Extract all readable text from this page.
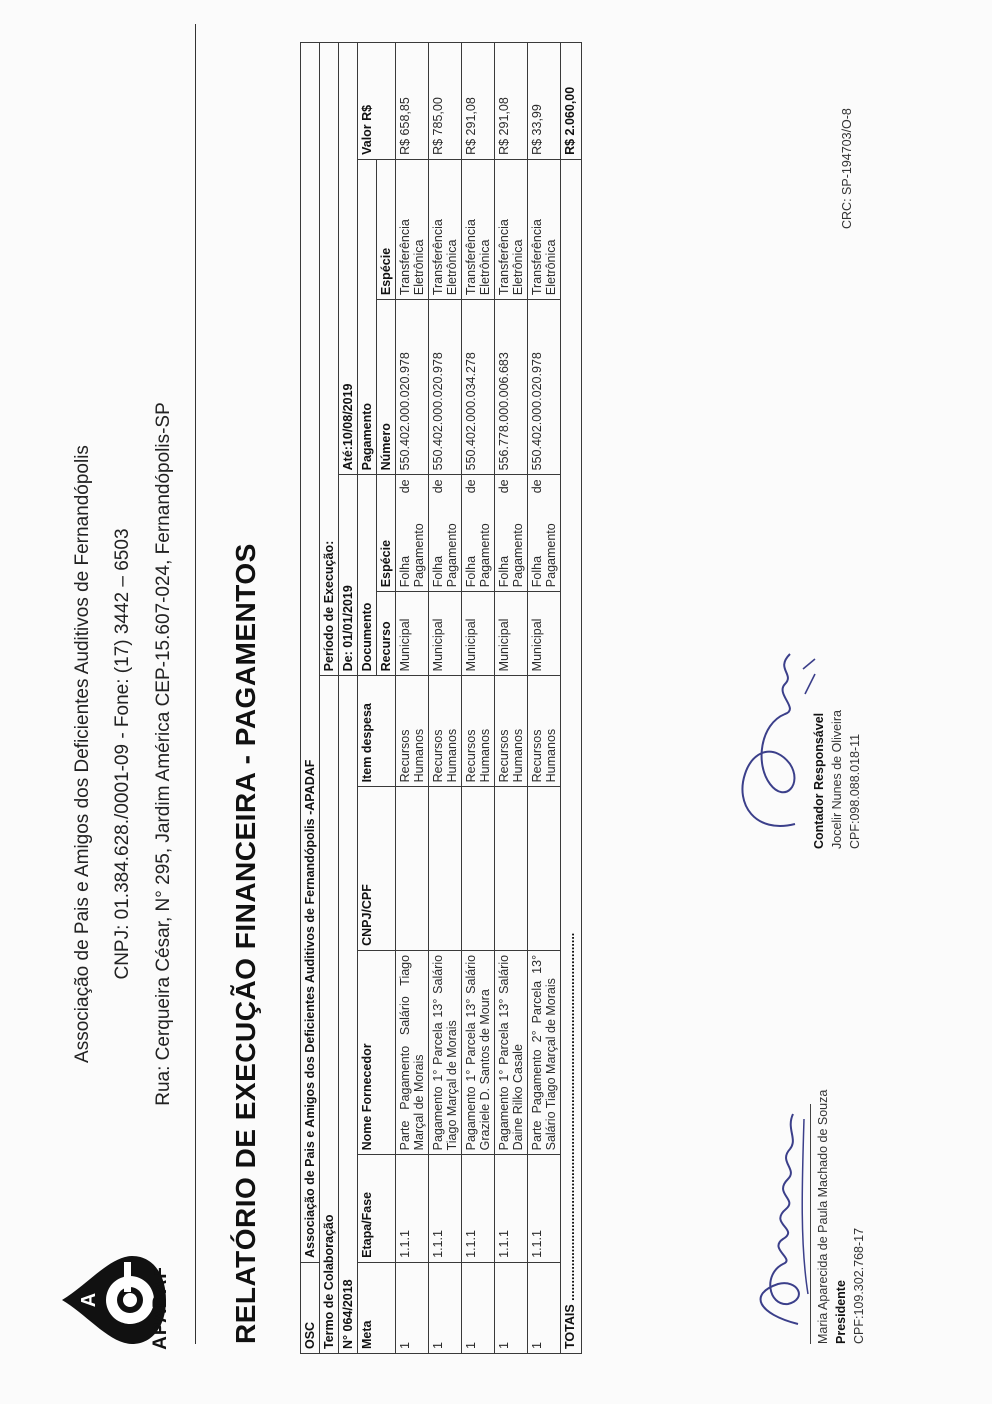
A	APADAF
Associação de Pais e Amigos dos Deficientes Auditivos de Fernandópolis CNPJ: 01.384.628./0001-09 - Fone: (17) 3442 – 6503 Rua: Cerqueira César, N° 295, Jardim América CEP-15.607-024, Fernandópolis-SP RELATÓRIO DE EXECUÇÃO FINANCEIRA - PAGAMENTOS	OSC	Associação de Pais e Amigos dos Deficientes Auditivos de Fernandópolis -APADAF								
Termo de Colaboração					Período de Execução:				
N° 064/2018					De: 01/01/2019		Até:10/08/2019		
Meta	Etapa/Fase	Nome Fornecedor	CNPJ/CPF	Item despesa	Documento		Pagamento		Valor R$
					Recurso	Espécie	Número	Espécie	
1	1.1.1	Parte Pagamento Salário Tiago Marçal de Morais		Recursos Humanos	Municipal	Folha de Pagamento	550.402.000.020.978	Transferência Eletrônica	R$ 658,85
1	1.1.1	Pagamento 1° Parcela 13° Salário Tiago Marçal de Morais		Recursos Humanos	Municipal	Folha de Pagamento	550.402.000.020.978	Transferência Eletrônica	R$ 785,00
1	1.1.1	Pagamento 1° Parcela 13° Salário Graziele D. Santos de Moura		Recursos Humanos	Municipal	Folha de Pagamento	550.402.000.034.278	Transferência Eletrônica	R$ 291,08
1	1.1.1	Pagamento 1° Parcela 13° Salário Daine Rilko Casale		Recursos Humanos	Municipal	Folha de Pagamento	556.778.000.006.683	Transferência Eletrônica	R$ 291,08
1	1.1.1	Parte Pagamento 2° Parcela 13° Salário Tiago Marçal de Morais		Recursos Humanos	Municipal	Folha de Pagamento	550.402.000.020.978	Transferência Eletrônica	R$ 33,99
TOTAIS ..........................................................................................................									R$ 2.060,00
Maria Aparecida de Paula Machado de Souza Presidente CPF:109.302.768-17
Contador Responsável Jocelir Nunes de Oliveira CPF:098.088.018-11
CRC: SP-194703/O-8
